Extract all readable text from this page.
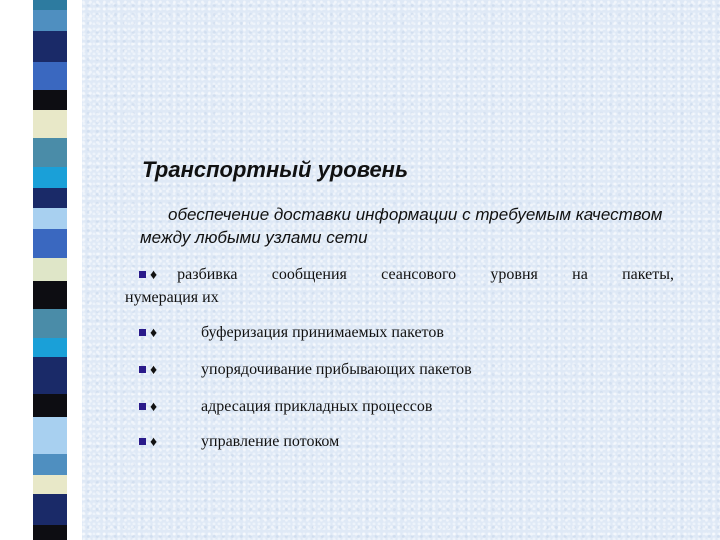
Транспортный уровень

обеспечение доставки информации с требуемым качеством между любыми узлами сети

♦ разбивка сообщения сеансового уровня на пакеты,
нумерация их
♦	буферизация принимаемых пакетов
♦	упорядочивание прибывающих пакетов
♦	адресация прикладных процессов
♦	управление потоком
